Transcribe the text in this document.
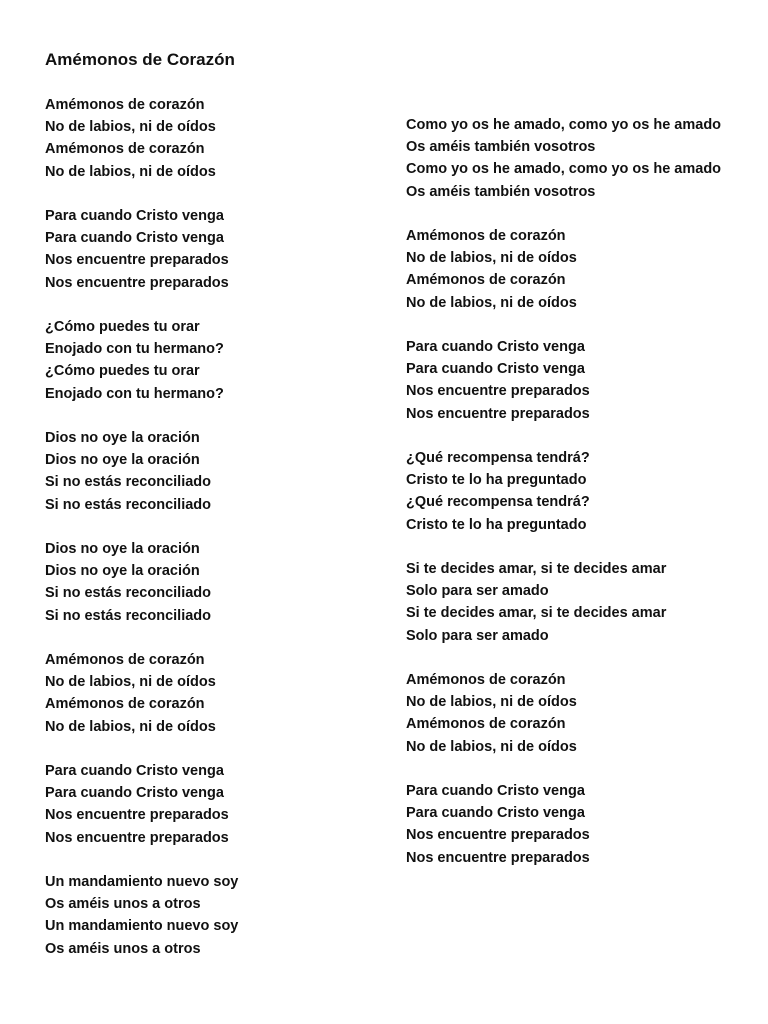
Amémonos de Corazón
Amémonos de corazón
No de labios, ni de oídos
Amémonos de corazón
No de labios, ni de oídos
Para cuando Cristo venga
Para cuando Cristo venga
Nos encuentre preparados
Nos encuentre preparados
¿Cómo puedes tu orar
Enojado con tu hermano?
¿Cómo puedes tu orar
Enojado con tu hermano?
Dios no oye la oración
Dios no oye la oración
Si no estás reconciliado
Si no estás reconciliado
Dios no oye la oración
Dios no oye la oración
Si no estás reconciliado
Si no estás reconciliado
Amémonos de corazón
No de labios, ni de oídos
Amémonos de corazón
No de labios, ni de oídos
Para cuando Cristo venga
Para cuando Cristo venga
Nos encuentre preparados
Nos encuentre preparados
Un mandamiento nuevo soy
Os améis unos a otros
Un mandamiento nuevo soy
Os améis unos a otros
Como yo os he amado, como yo os he amado
Os améis también vosotros
Como yo os he amado, como yo os he amado
Os améis también vosotros
Amémonos de corazón
No de labios, ni de oídos
Amémonos de corazón
No de labios, ni de oídos
Para cuando Cristo venga
Para cuando Cristo venga
Nos encuentre preparados
Nos encuentre preparados
¿Qué recompensa tendrá?
Cristo te lo ha preguntado
¿Qué recompensa tendrá?
Cristo te lo ha preguntado
Si te decides amar, si te decides amar
Solo para ser amado
Si te decides amar, si te decides amar
Solo para ser amado
Amémonos de corazón
No de labios, ni de oídos
Amémonos de corazón
No de labios, ni de oídos
Para cuando Cristo venga
Para cuando Cristo venga
Nos encuentre preparados
Nos encuentre preparados
